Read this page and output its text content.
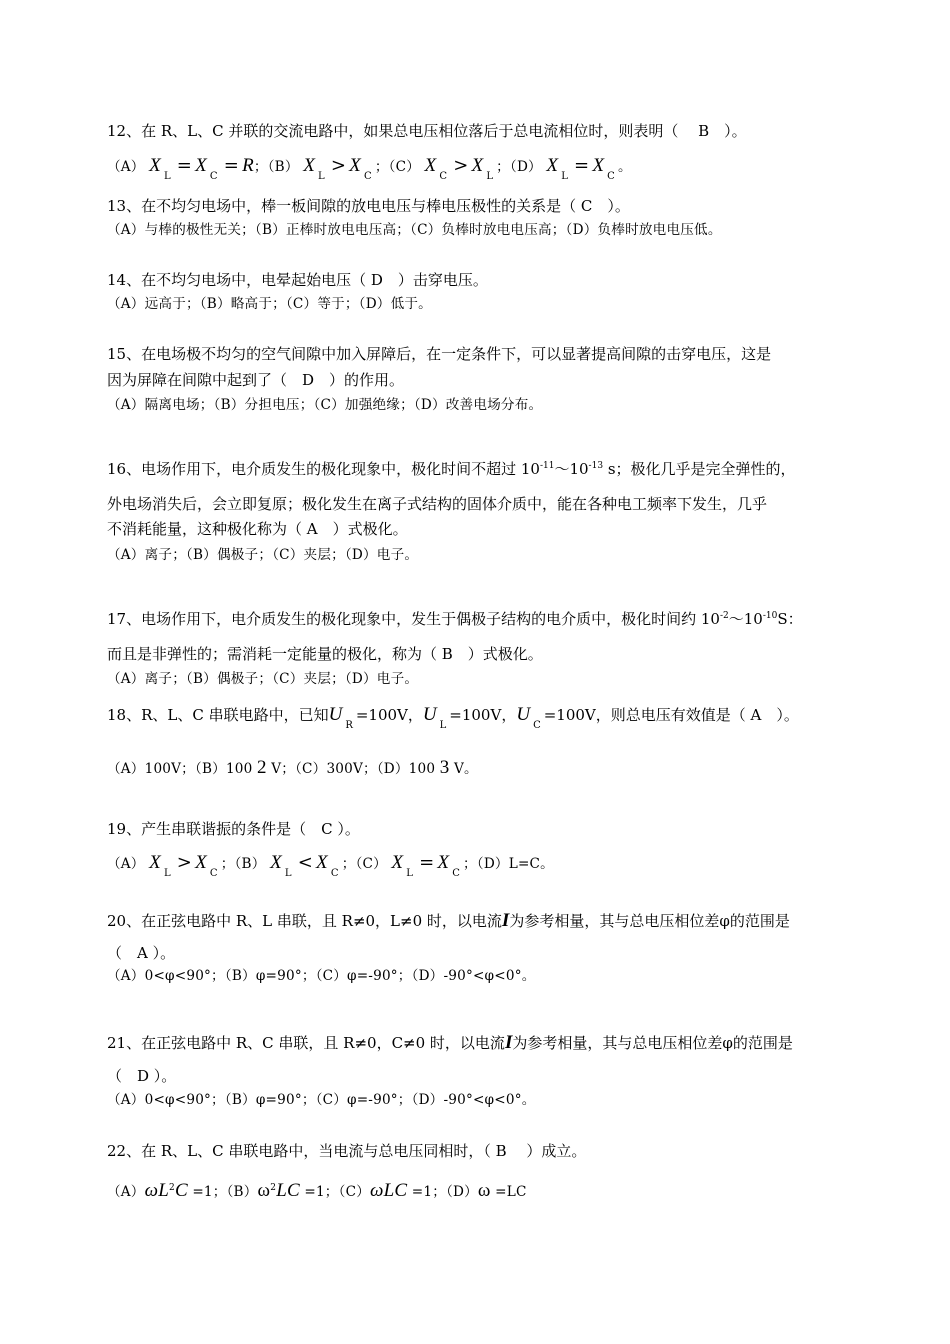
12、在 R、L、C 并联的交流电路中，如果总电压相位落后于总电流相位时，则表明（　 B　）。
（A） $X_L= X_C= R$；（B） $X_L> X_C$；（C） $X_C> X_L$；（D） $X_L= X_C$。
13、在不均匀电场中，棒一板间隙的放电电压与棒电压极性的关系是（ C　）。
（A）与棒的极性无关；（B）正棒时放电电压高；（C）负棒时放电电压高；（D）负棒时放电电压低。
14、在不均匀电场中，电晕起始电压（ D　）击穿电压。
（A）远高于；（B）略高于；（C）等于；（D）低于。
15、在电场极不均匀的空气间隙中加入屏障后，在一定条件下，可以显著提高间隙的击穿电压，这是
因为屏障在间隙中起到了（　D　）的作用。
（A）隔离电场；（B）分担电压；（C）加强绝缘；（D）改善电场分布。
16、电场作用下，电介质发生的极化现象中，极化时间不超过 $10^{-11}\sim 10^{-13}$ s；极化几乎是完全弹性的，
外电场消失后，会立即复原；极化发生在离子式结构的固体介质中，能在各种电工频率下发生，几乎
不消耗能量，这种极化称为（ A　）式极化。
（A）离子；（B）偶极子；（C）夹层；（D）电子。
17、电场作用下，电介质发生的极化现象中，发生于偶极子结构的电介质中，极化时间约 $10^{-2}\sim 10^{-10}S$：
而且是非弹性的；需消耗一定能量的极化，称为（ B　）式极化。
（A）离子；（B）偶极子；（C）夹层；（D）电子。
18、R、L、C 串联电路中，已知$U_R=100V$，$U_L=100V$，$U_C=100V$，则总电压有效值是（ A　）。
（A）100V；（B）100 2 V；（C）300V；（D）100 3 V。
19、产生串联谐振的条件是（　C ）。
（A） $X_L> X_C$；（B） $X_L< X_C$；（C） $X_L= X_C$；（D）L=C。
20、在正弦电路中 R、L 串联，且 R≠0，L≠0 时，以电流I为参考相量，其与总电压相位差φ的范围是
（　A ）。
（A）0<φ<90°；（B）φ=90°；（C）φ=-90°；（D）-90°<φ<0°。
21、在正弦电路中 R、C 串联，且 R≠0，C≠0 时，以电流I为参考相量，其与总电压相位差φ的范围是
（　D ）。
（A）0<φ<90°；（B）φ=90°；（C）φ=-90°；（D）-90°<φ<0°。
22、在 R、L、C 串联电路中，当电流与总电压同相时，（ B　 ）成立。
$(A)\omega L^2C =1$；$(B)\omega^2LC =1$；（C）ωLC =1；（D）ω =LC
